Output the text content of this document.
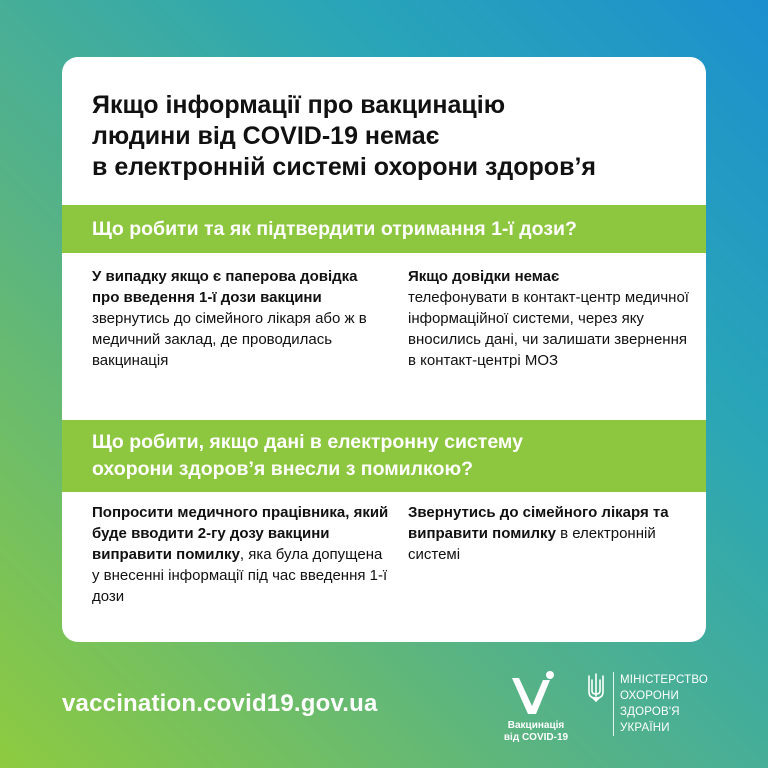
Якщо інформації про вакцинацію
людини від COVID-19 немає
в електронній системі охорони здоров’я
Що робити та як підтвердити отримання 1-ї дози?
У випадку якщо є паперова довідка про введення 1-ї дози вакцини
звернутись до сімейного лікаря або ж в медичний заклад, де проводилась вакцинація
Якщо довідки немає
телефонувати в контакт-центр медичної інформаційної системи, через яку вносились дані, чи залишати звернення в контакт-центрі МОЗ
Що робити, якщо дані в електронну систему
охорони здоров’я внесли з помилкою?
Попросити медичного працівника, який буде вводити 2-гу дозу вакцини виправити помилку, яка була допущена у внесенні інформації під час введення 1-ї дози
Звернутись до сімейного лікаря та виправити помилку в електронній системі
vaccination.covid19.gov.ua
Вакцинація
від COVID-19
МІНІСТЕРСТВО
ОХОРОНИ
ЗДОРОВ'Я
УКРАЇНИ
